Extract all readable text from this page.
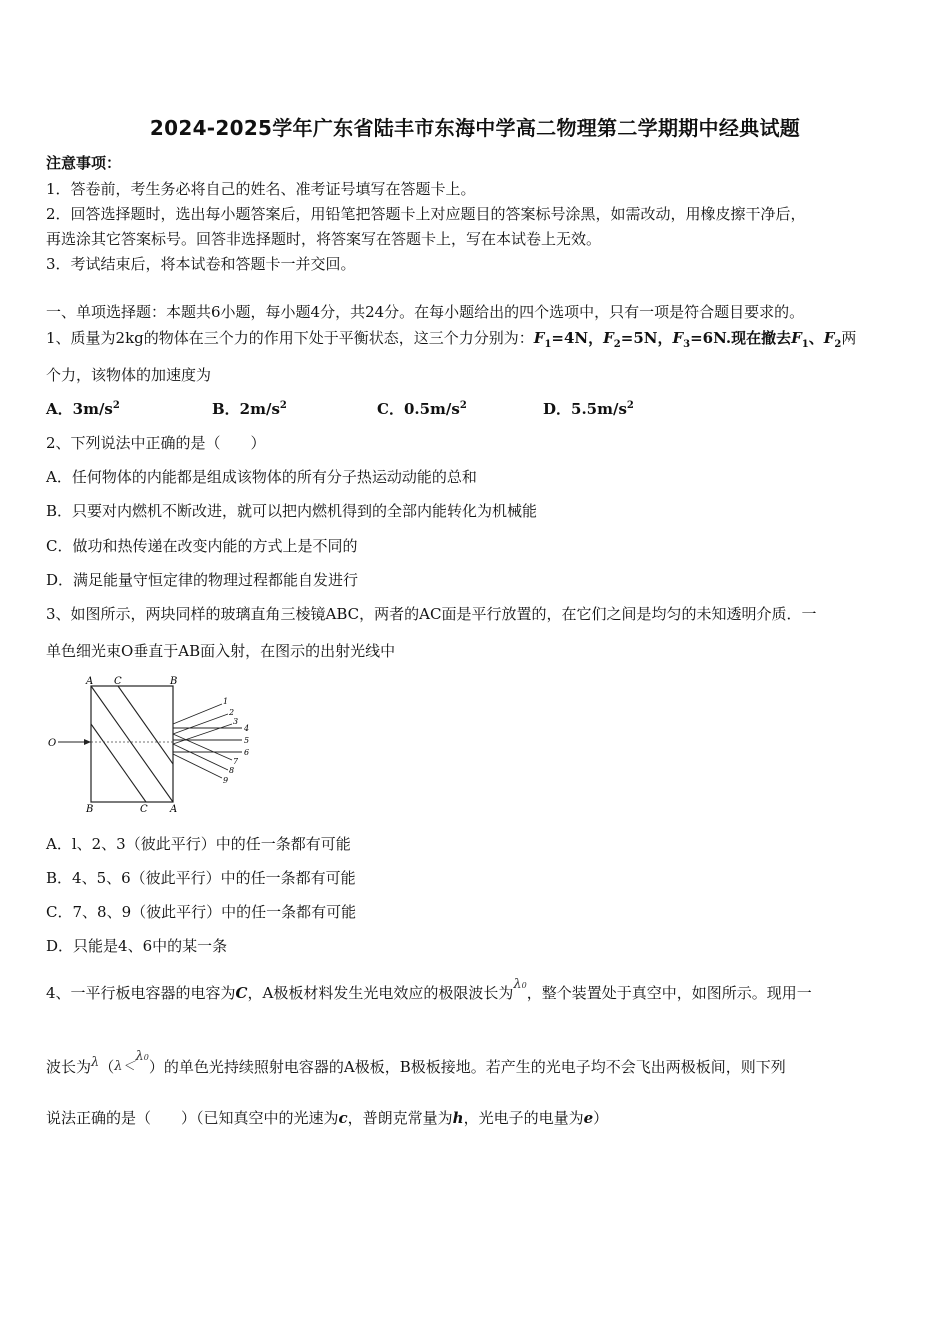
2024-2025学年广东省陆丰市东海中学高二物理第二学期期中经典试题
注意事项：
1．答卷前，考生务必将自己的姓名、准考证号填写在答题卡上。
2．回答选择题时，选出每小题答案后，用铅笔把答题卡上对应题目的答案标号涂黑，如需改动，用橡皮擦干净后，
再选涂其它答案标号。回答非选择题时，将答案写在答题卡上，写在本试卷上无效。
3．考试结束后，将本试卷和答题卡一并交回。
一、单项选择题：本题共6小题，每小题4分，共24分。在每小题给出的四个选项中，只有一项是符合题目要求的。
1、质量为2kg的物体在三个力的作用下处于平衡状态，这三个力分别为：$F_1=4N$，$F_2=5N$，$F_3=6N$.现在撤去$F_1$、$F_2$两
个力，该物体的加速度为
A．$3m/s^2$	B．$2m/s^2$	C．$0.5m/s^2$	D．$5.5m/s^2$
2、下列说法中正确的是（　　）
A．任何物体的内能都是组成该物体的所有分子热运动动能的总和
B．只要对内燃机不断改进，就可以把内燃机得到的全部内能转化为机械能
C．做功和热传递在改变内能的方式上是不同的
D．满足能量守恒定律的物理过程都能自发进行
3、如图所示，两块同样的玻璃直角三棱镜ABC，两者的AC面是平行放置的，在它们之间是均匀的未知透明介质．一
单色细光束O垂直于AB面入射，在图示的出射光线中
A C	B
B	C A
O
1
2
3
4
5
6
7
8
9
A．l、2、3（彼此平行）中的任一条都有可能
B．4、5、6（彼此平行）中的任一条都有可能
C．7、8、9（彼此平行）中的任一条都有可能
D．只能是4、6中的某一条
4、一平行板电容器的电容为C，A极板材料发生光电效应的极限波长为λ0，整个装置处于真空中，如图所示。现用一
波长为λ（λ＜λ0）的单色光持续照射电容器的A极板，B极板接地。若产生的光电子均不会飞出两极板间，则下列
说法正确的是（　　）（已知真空中的光速为c，普朗克常量为h，光电子的电量为e）
